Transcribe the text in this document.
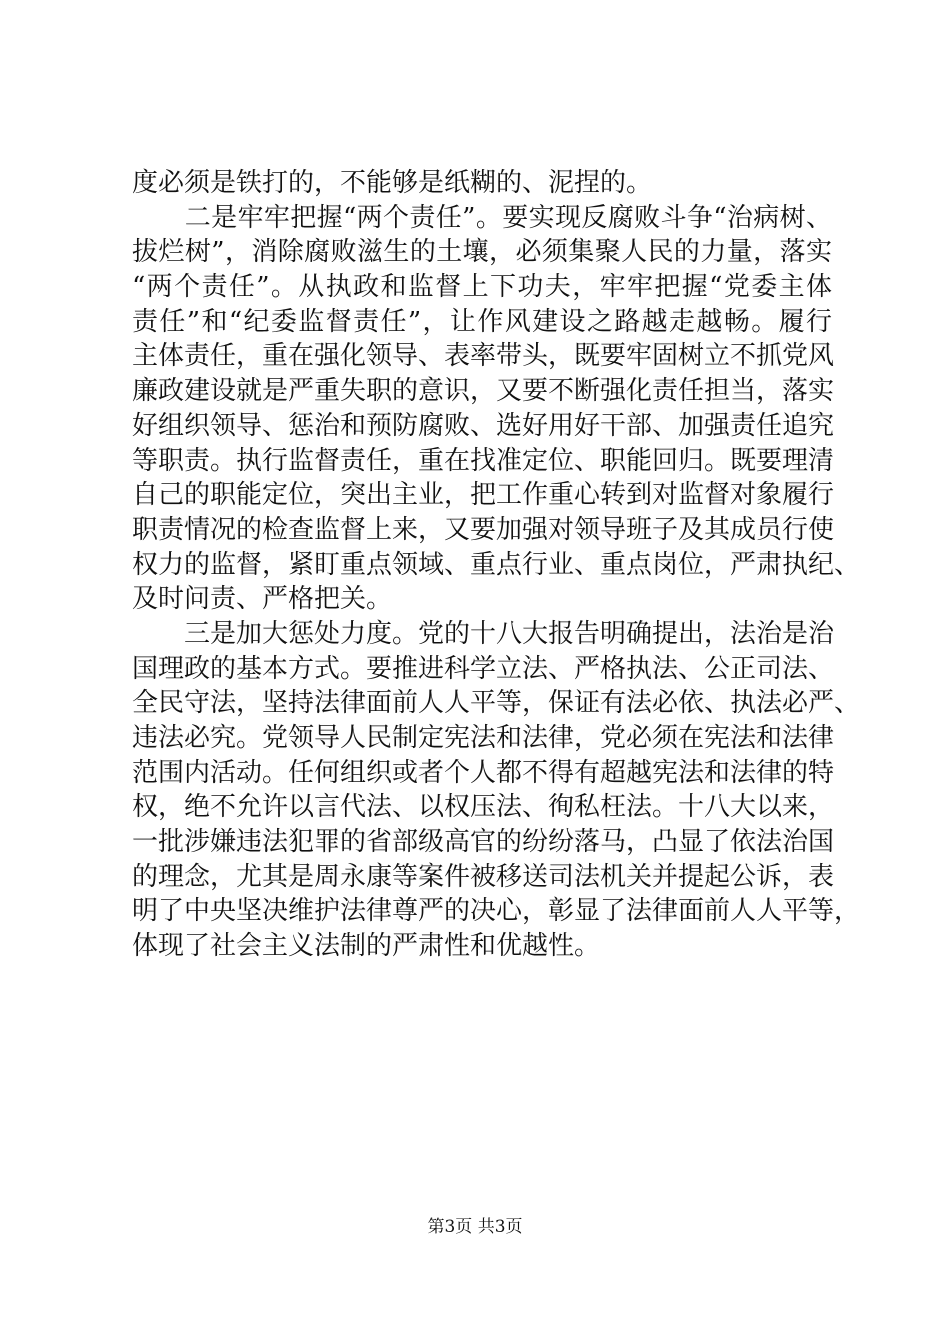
度必须是铁打的，不能够是纸糊的、泥捏的。
　　二是牢牢把握“两个责任”。要实现反腐败斗争“治病树、
拔烂树”，消除腐败滋生的土壤，必须集聚人民的力量，落实
“两个责任”。从执政和监督上下功夫，牢牢把握“党委主体
责任”和“纪委监督责任”，让作风建设之路越走越畅。履行
主体责任，重在强化领导、表率带头，既要牢固树立不抓党风
廉政建设就是严重失职的意识，又要不断强化责任担当，落实
好组织领导、惩治和预防腐败、选好用好干部、加强责任追究
等职责。执行监督责任，重在找准定位、职能回归。既要理清
自己的职能定位，突出主业，把工作重心转到对监督对象履行
职责情况的检查监督上来，又要加强对领导班子及其成员行使
权力的监督，紧盯重点领域、重点行业、重点岗位，严肃执纪、
及时问责、严格把关。
　　三是加大惩处力度。党的十八大报告明确提出，法治是治
国理政的基本方式。要推进科学立法、严格执法、公正司法、
全民守法，坚持法律面前人人平等，保证有法必依、执法必严、
违法必究。党领导人民制定宪法和法律，党必须在宪法和法律
范围内活动。任何组织或者个人都不得有超越宪法和法律的特
权，绝不允许以言代法、以权压法、徇私枉法。十八大以来，
一批涉嫌违法犯罪的省部级高官的纷纷落马，凸显了依法治国
的理念，尤其是周永康等案件被移送司法机关并提起公诉，表
明了中央坚决维护法律尊严的决心，彰显了法律面前人人平等，
体现了社会主义法制的严肃性和优越性。
第3页 共3页
